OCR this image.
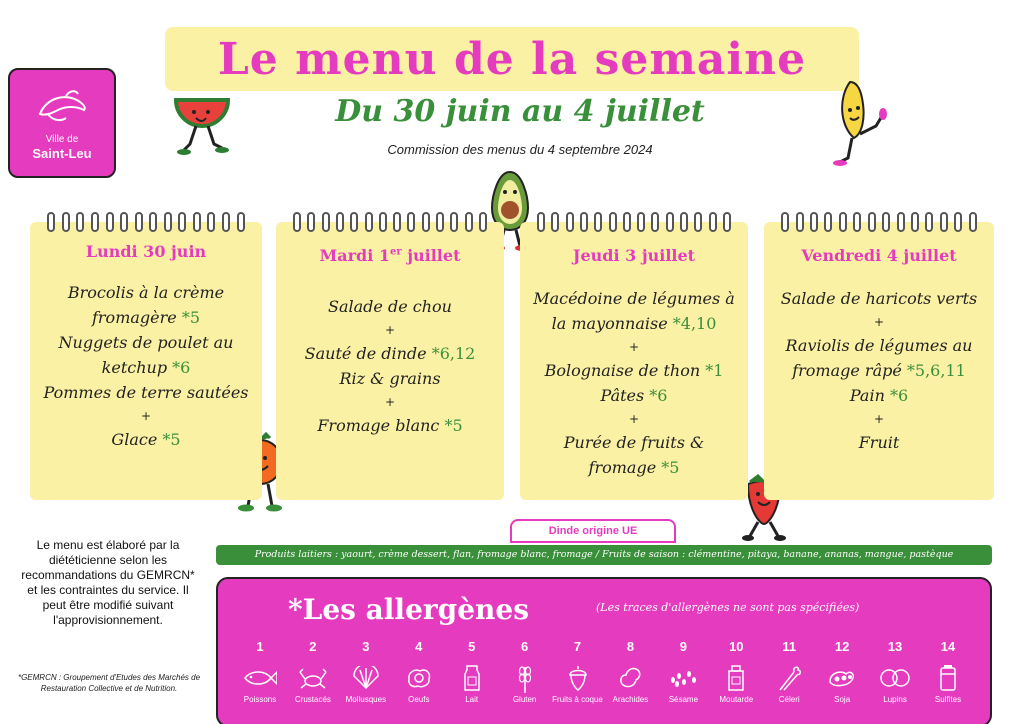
Ville de
Saint-Leu
Le menu de la semaine
Du 30 juin au 4 juillet
Commission des menus du 4 septembre 2024
Lundi 30 juin
Brocolis à la crème fromagère *5
Nuggets de poulet au ketchup *6
Pommes de terre sautées
+
Glace *5
Mardi 1er juillet
Salade de chou
+
Sauté de dinde *6,12
Riz & grains
+
Fromage blanc *5
Jeudi 3 juillet
Macédoine de légumes à la mayonnaise *4,10
+
Bolognaise de thon *1
Pâtes *6
+
Purée de fruits & fromage *5
Vendredi 4 juillet
Salade de haricots verts
+
Raviolis de légumes au fromage râpé *5,6,11
Pain *6
+
Fruit
Dinde origine UE
Produits laitiers : yaourt, crème dessert, flan, fromage blanc, fromage / Fruits de saison : clémentine, pitaya, banane, ananas, mangue, pastèque
Le menu est élaboré par la diététicienne selon les recommandations du GEMRCN* et les contraintes du service. Il peut être modifié suivant l'approvisionnement.
*GEMRCN : Groupement d'Etudes des Marchés de Restauration Collective et de Nutrition.
*Les allergènes	(Les traces d'allergènes ne sont pas spécifiées)
1
Poissons
2
Crustacés
3
Mollusques
4
Oeufs
5
Lait
6
Gluten
7
Fruits à coque
8
Arachides
9
Sésame
10
Moutarde
11
Céleri
12
Soja
13
Lupins
14
Sulfites
